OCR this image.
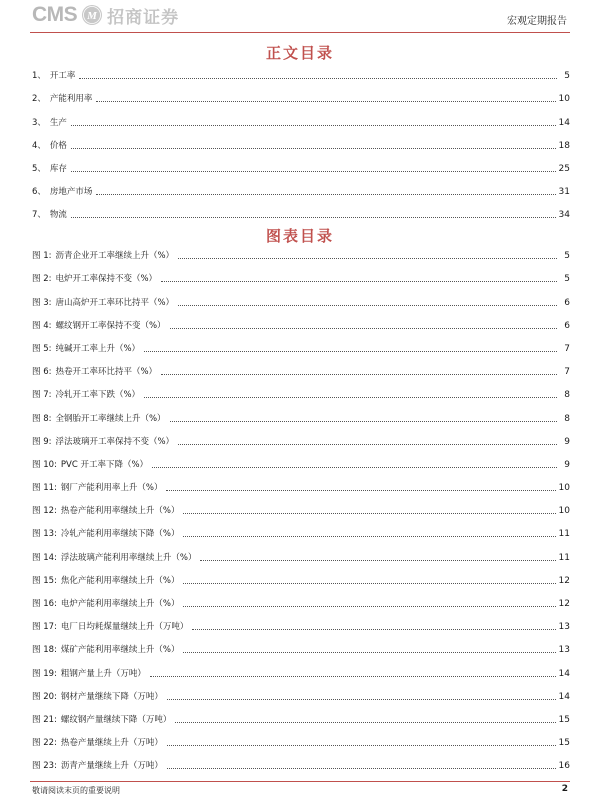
CMS M 招商证券	宏观定期报告
正文目录
1、 开工率	5
2、 产能利用率	10
3、 生产	14
4、 价格	18
5、 库存	25
6、 房地产市场	31
7、 物流	34
图表目录
图 1: 沥青企业开工率继续上升（%）	5
图 2: 电炉开工率保持不变（%）	5
图 3: 唐山高炉开工率环比持平（%）	6
图 4: 螺纹钢开工率保持不变（%）	6
图 5: 纯碱开工率上升（%）	7
图 6: 热卷开工率环比持平（%）	7
图 7: 冷轧开工率下跌（%）	8
图 8: 全钢胎开工率继续上升（%）	8
图 9: 浮法玻璃开工率保持不变（%）	9
图 10: PVC 开工率下降（%）	9
图 11: 钢厂产能利用率上升（%）	10
图 12: 热卷产能利用率继续上升（%）	10
图 13: 冷轧产能利用率继续下降（%）	11
图 14: 浮法玻璃产能利用率继续上升（%）	11
图 15: 焦化产能利用率继续上升（%）	12
图 16: 电炉产能利用率继续上升（%）	12
图 17: 电厂日均耗煤量继续上升（万吨）	13
图 18: 煤矿产能利用率继续上升（%）	13
图 19: 粗钢产量上升（万吨）	14
图 20: 钢材产量继续下降（万吨）	14
图 21: 螺纹钢产量继续下降（万吨）	15
图 22: 热卷产量继续上升（万吨）	15
图 23: 沥青产量继续上升（万吨）	16
敬请阅读末页的重要说明	2
